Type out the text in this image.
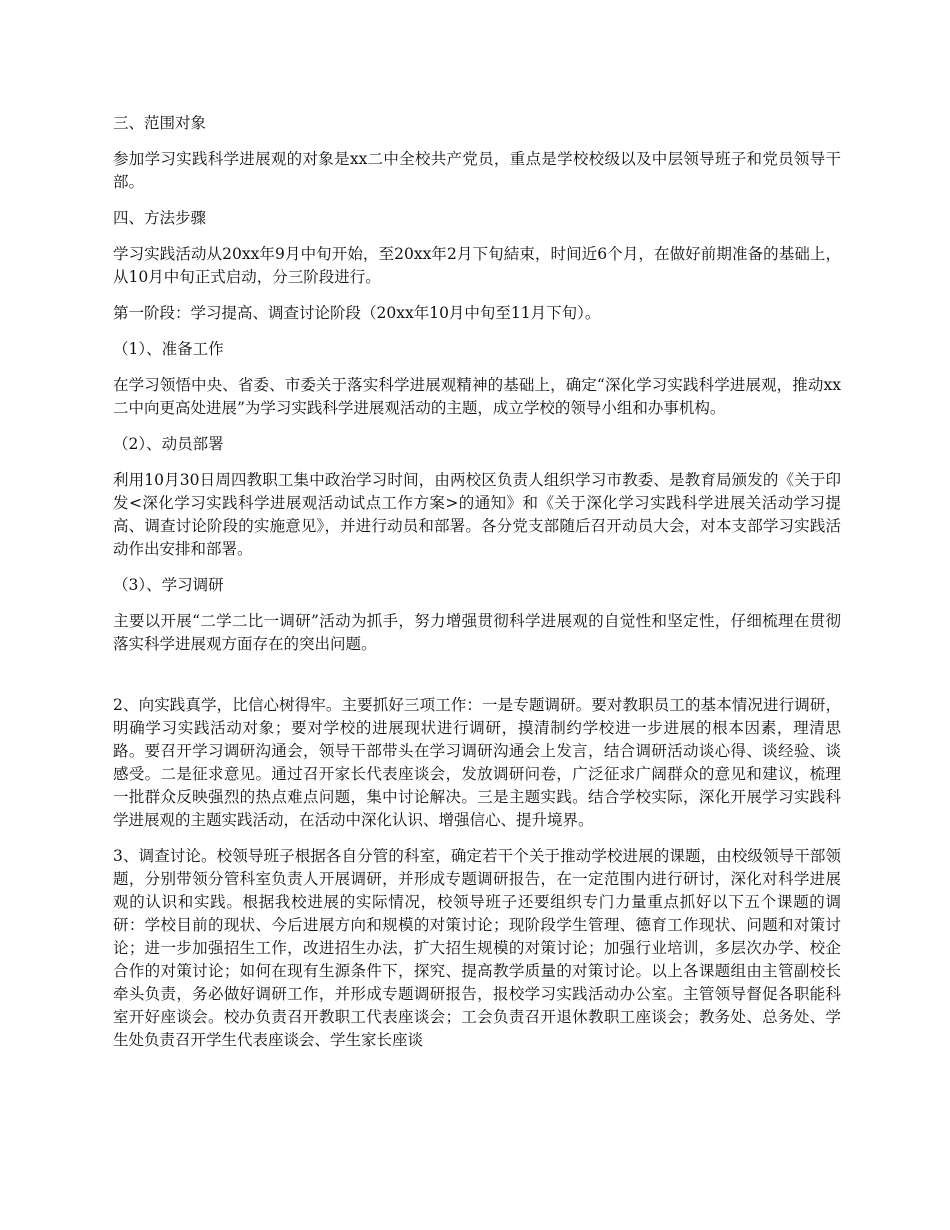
三、范围对象

参加学习实践科学进展观的对象是xx二中全校共产党员，重点是学校校级以及中层领导班子和党员领导干部。

四、方法步骤

学习实践活动从20xx年9月中旬开始，至20xx年2月下旬結束，时间近6个月，在做好前期准备的基础上，从10月中旬正式启动，分三阶段进行。

第一阶段：学习提高、调查讨论阶段（20xx年10月中旬至11月下旬）。

（1）、准备工作

在学习领悟中央、省委、市委关于落实科学进展观精神的基础上，确定“深化学习实践科学进展观，推动xx二中向更高处进展”为学习实践科学进展观活动的主题，成立学校的领导小组和办事机构。

（2）、动员部署

利用10月30日周四教职工集中政治学习时间，由两校区负责人组织学习市教委、是教育局颁发的《关于印发<深化学习实践科学进展观活动试点工作方案>的通知》和《关于深化学习实践科学进展关活动学习提高、调查讨论阶段的实施意见》，并进行动员和部署。各分党支部随后召开动员大会，对本支部学习实践活动作出安排和部署。

（3）、学习调研

主要以开展“二学二比一调研”活动为抓手，努力增强贯彻科学进展观的自觉性和坚定性，仔细梳理在贯彻落实科学进展观方面存在的突出问题。

2、向实践真学，比信心树得牢。主要抓好三项工作：一是专题调研。要对教职员工的基本情况进行调研，明确学习实践活动对象；要对学校的进展现状进行调研，摸清制约学校进一步进展的根本因素，理清思路。要召开学习调研沟通会，领导干部带头在学习调研沟通会上发言，结合调研活动谈心得、谈经验、谈感受。二是征求意见。通过召开家长代表座谈会，发放调研问卷，广泛征求广阔群众的意见和建议，梳理一批群众反映强烈的热点难点问题，集中讨论解决。三是主题实践。结合学校实际，深化开展学习实践科学进展观的主题实践活动，在活动中深化认识、增强信心、提升境界。

3、调查讨论。校领导班子根据各自分管的科室，确定若干个关于推动学校进展的课题，由校级领导干部领题，分别带领分管科室负责人开展调研，并形成专题调研报告，在一定范围内进行研讨，深化对科学进展观的认识和实践。根据我校进展的实际情况，校领导班子还要组织专门力量重点抓好以下五个课题的调研：学校目前的现状、今后进展方向和规模的对策讨论；现阶段学生管理、德育工作现状、问题和对策讨论；进一步加强招生工作，改进招生办法，扩大招生规模的对策讨论；加强行业培训，多层次办学、校企合作的对策讨论；如何在现有生源条件下，探究、提高教学质量的对策讨论。以上各课题组由主管副校长牵头负责，务必做好调研工作，并形成专题调研报告，报校学习实践活动办公室。主管领导督促各职能科室开好座谈会。校办负责召开教职工代表座谈会；工会负责召开退休教职工座谈会；教务处、总务处、学生处负责召开学生代表座谈会、学生家长座谈
